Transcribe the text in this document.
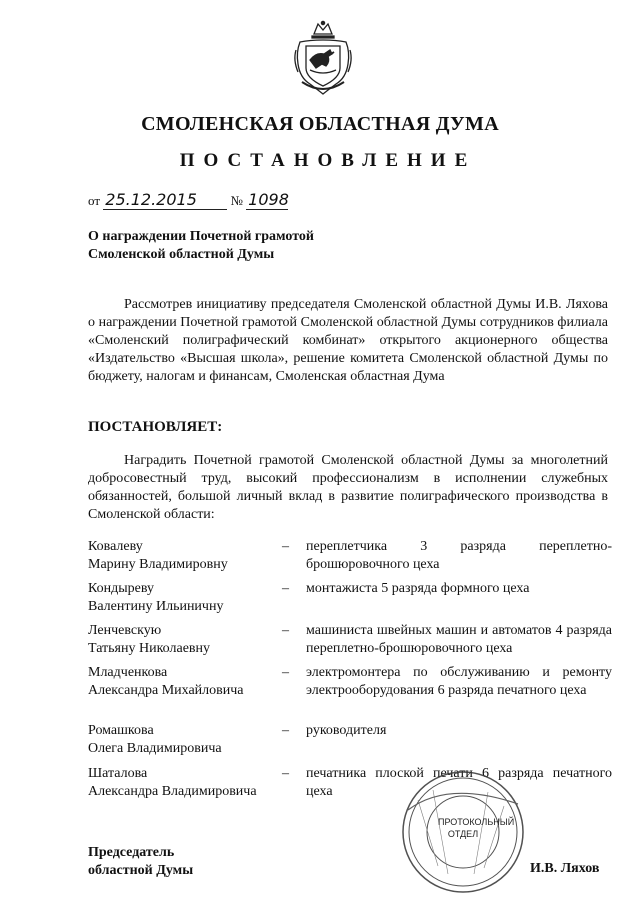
СМОЛЕНСКАЯ ОБЛАСТНАЯ ДУМА
ПОСТАНОВЛЕНИЕ
от 25.12.2015	№ 1098
О награждении Почетной грамотой
Смоленской областной Думы
Рассмотрев инициативу председателя Смоленской областной Думы И.В. Ляхова о награждении Почетной грамотой Смоленской областной Думы сотрудников филиала «Смоленский полиграфический комбинат» открытого акционерного общества «Издательство «Высшая школа», решение комитета Смоленской областной Думы по бюджету, налогам и финансам, Смоленская областная Дума
ПОСТАНОВЛЯЕТ:
Наградить Почетной грамотой Смоленской областной Думы за многолетний добросовестный труд, высокий профессионализм в исполнении служебных обязанностей, большой личный вклад в развитие полиграфического производства в Смоленской области:
Ковалеву
Марину Владимировну
– переплетчика 3 разряда переплетно-брошюровочного цеха
Кондыреву
Валентину Ильиничну
– монтажиста 5 разряда формного цеха
Ленчевскую
Татьяну Николаевну
– машиниста швейных машин и автоматов 4 разряда переплетно-брошюровочного цеха
Младченкова
Александра Михайловича
– электромонтера по обслуживанию и ремонту электрооборудования 6 разряда печатного цеха
Ромашкова
Олега Владимировича
– руководителя
Шаталова
Александра Владимировича
– печатника плоской печати 6 разряда печатного цеха
ПРОТОКОЛЬНЫЙ
ОТДЕЛ
Председатель
областной Думы	И.В. Ляхов
